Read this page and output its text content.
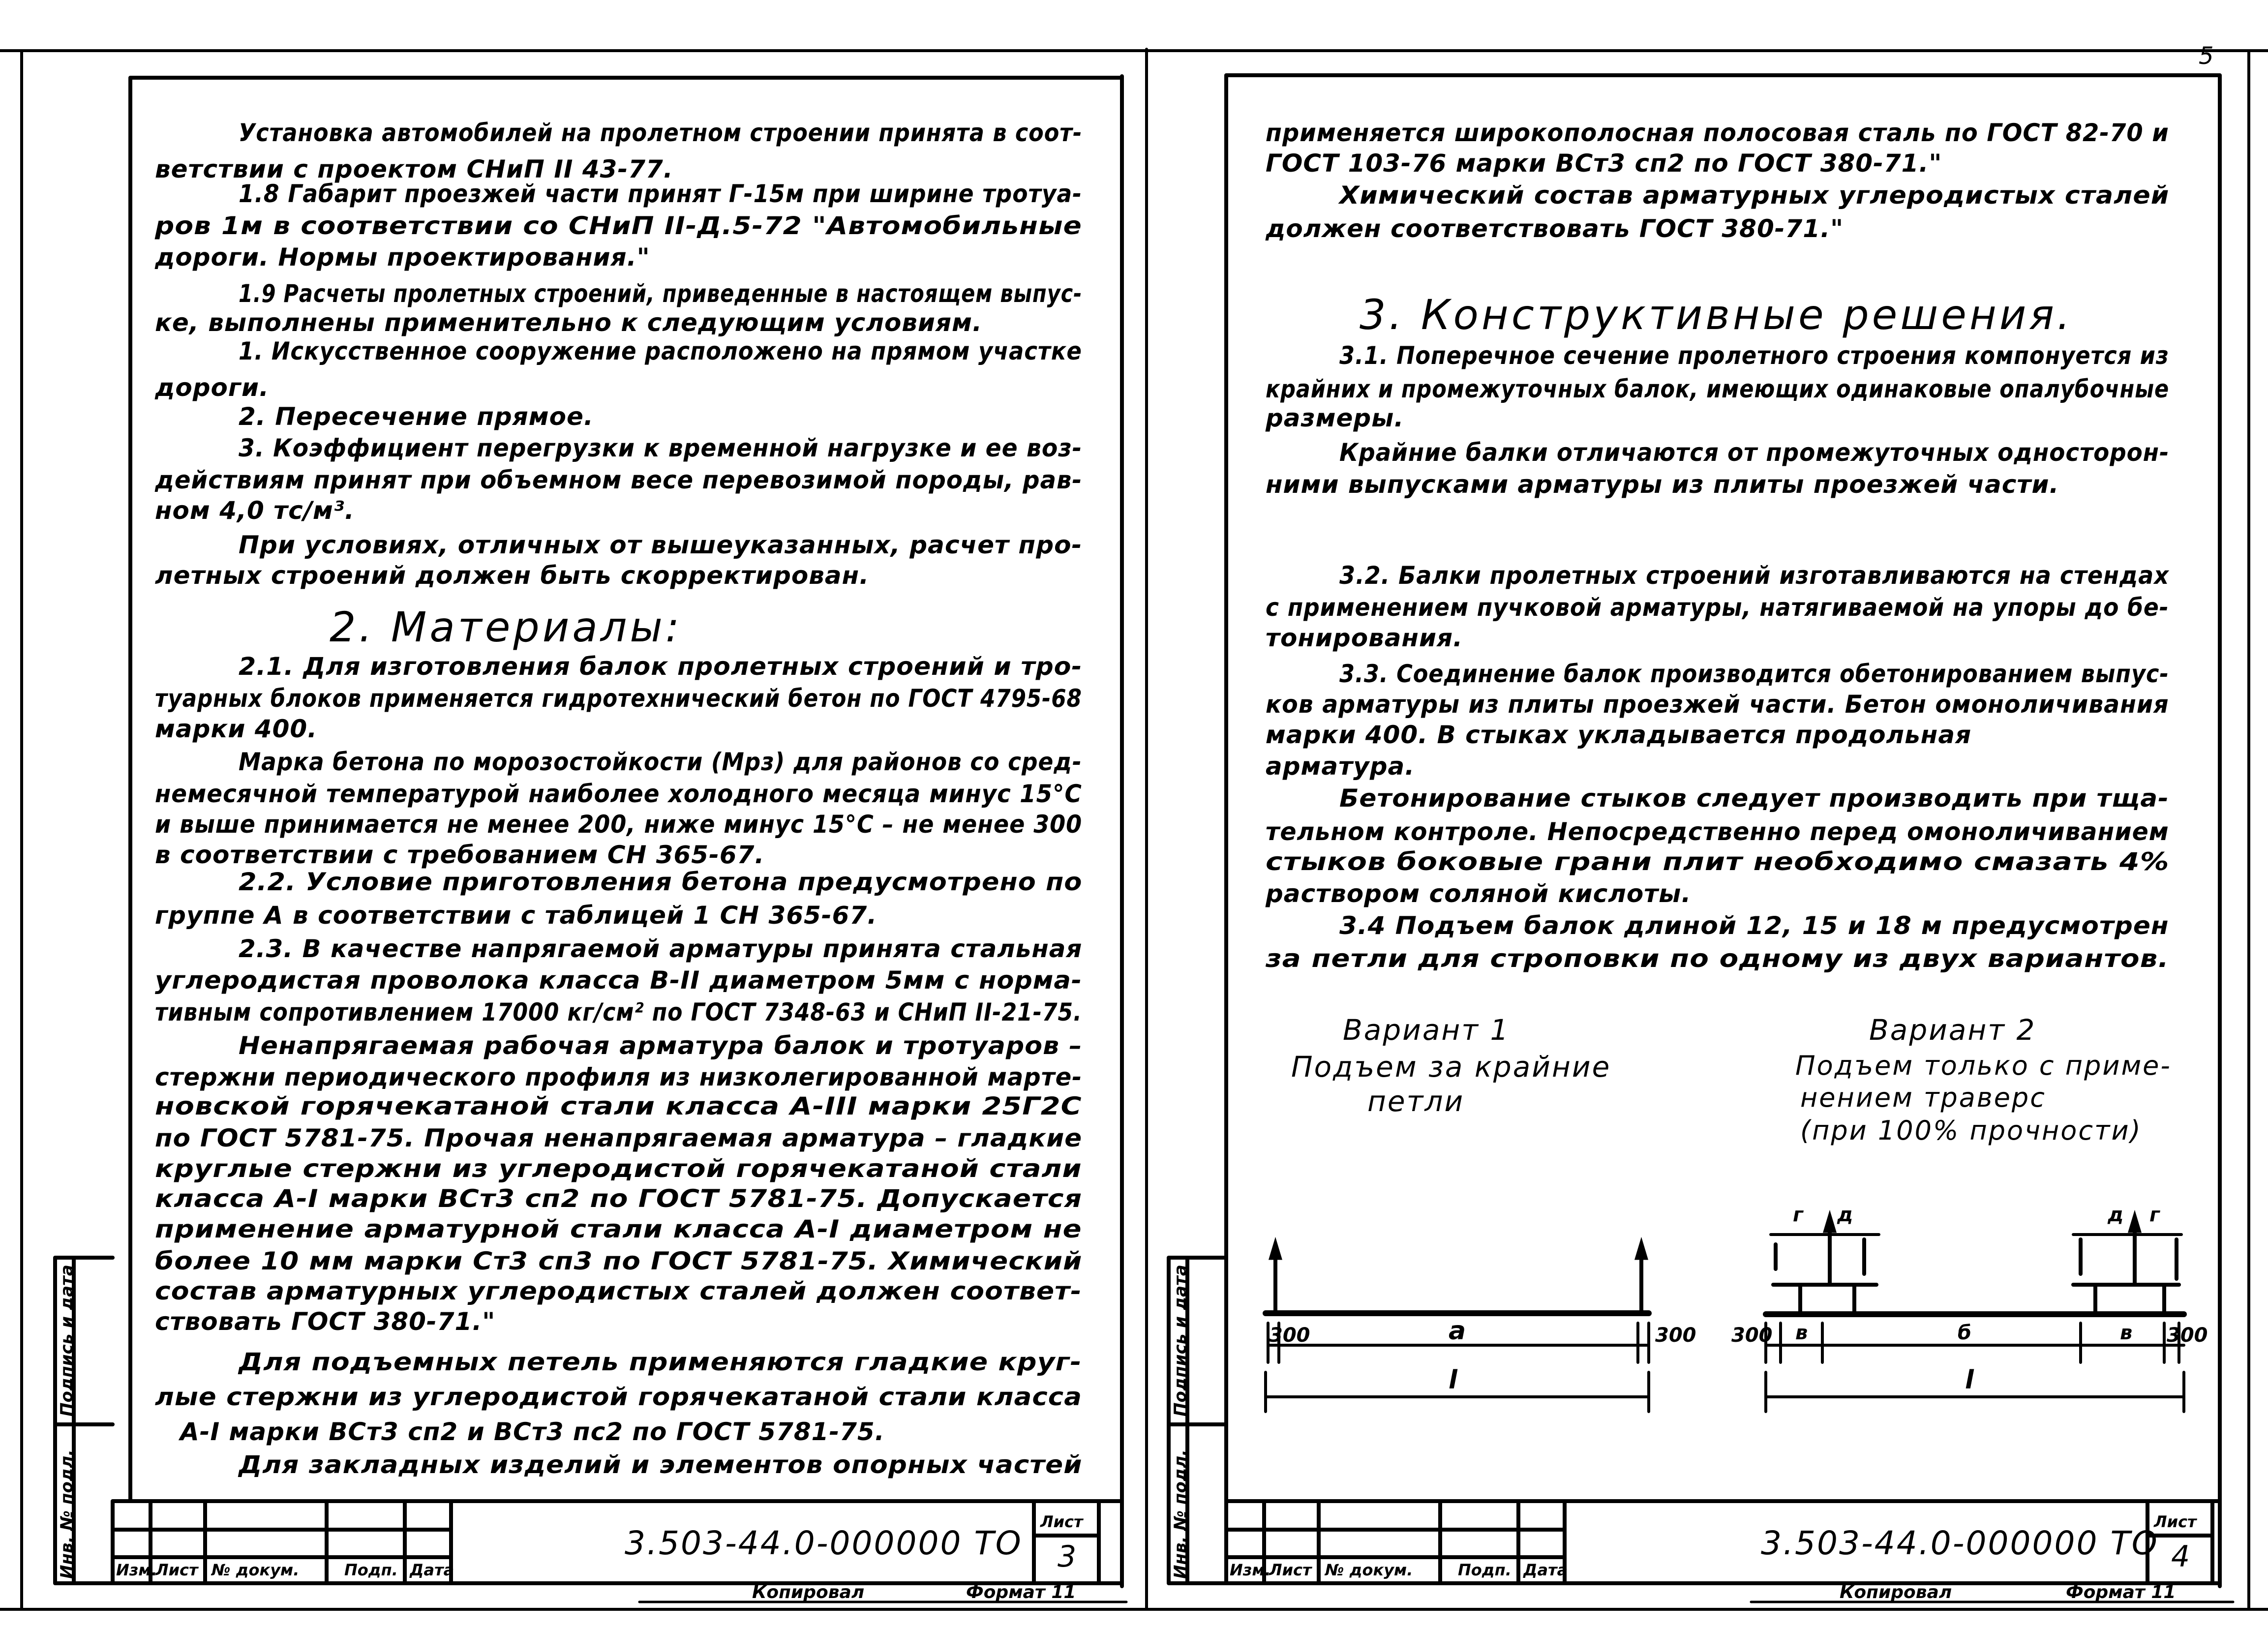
5
Установка автомобилей на пролетном строении принята в соот-
ветствии с проектом СНиП II 43-77.
1.8 Габарит проезжей части принят Г-15м при ширине тротуа-
ров 1м в соответствии со СНиП II-Д.5-72 "Автомобильные
дороги. Нормы проектирования."
1.9 Расчеты пролетных строений, приведенные в настоящем выпус-
ке, выполнены применительно к следующим условиям.
1. Искусственное сооружение расположено на прямом участке
дороги.
2. Пересечение прямое.
3. Коэффициент перегрузки к временной нагрузке и ее воз-
действиям принят при объемном весе перевозимой породы, рав-
ном 4,0 тс/м³.
При условиях, отличных от вышеуказанных, расчет про-
летных строений должен быть скорректирован.
2.1. Для изготовления балок пролетных строений и тро-
туарных блоков применяется гидротехнический бетон по ГОСТ 4795-68
марки 400.
Марка бетона по морозостойкости (Мрз) для районов со сред-
немесячной температурой наиболее холодного месяца минус 15°С
и выше принимается не менее 200, ниже минус 15°С – не менее 300
в соответствии с требованием СН 365-67.
2.2. Условие приготовления бетона предусмотрено по
группе А в соответствии с таблицей 1 СН 365-67.
2.3. В качестве напрягаемой арматуры принята стальная
углеродистая проволока класса В-II диаметром 5мм с норма-
тивным сопротивлением 17000 кг/см² по ГОСТ 7348-63 и СНиП II-21-75.
Ненапрягаемая рабочая арматура балок и тротуаров –
стержни периодического профиля из низколегированной марте-
новской горячекатаной стали класса А-III марки 25Г2С
по ГОСТ 5781-75. Прочая ненапрягаемая арматура – гладкие
круглые стержни из углеродистой горячекатаной стали
класса А-I марки ВСт3 сп2 по ГОСТ 5781-75. Допускается
применение арматурной стали класса А-I диаметром не
более 10 мм марки Ст3 сп3 по ГОСТ 5781-75. Химический
состав арматурных углеродистых сталей должен соответ-
ствовать ГОСТ 380-71."
Для подъемных петель применяются гладкие круг-
лые стержни из углеродистой горячекатаной стали класса
А-I марки ВСт3 сп2 и ВСт3 пс2 по ГОСТ 5781-75.
Для закладных изделий и элементов опорных частей
2. Материалы:
применяется широкополосная полосовая сталь по ГОСТ 82-70 и
ГОСТ 103-76 марки ВСт3 сп2 по ГОСТ 380-71."
Химический состав арматурных углеродистых сталей
должен соответствовать ГОСТ 380-71."
3.1. Поперечное сечение пролетного строения компонуется из
крайних и промежуточных балок, имеющих одинаковые опалубочные
размеры.
Крайние балки отличаются от промежуточных односторон-
ними выпусками арматуры из плиты проезжей части.
3.2. Балки пролетных строений изготавливаются на стендах
с применением пучковой арматуры, натягиваемой на упоры до бе-
тонирования.
3.3. Соединение балок производится обетонированием выпус-
ков арматуры из плиты проезжей части. Бетон омоноличивания
марки 400. В стыках укладывается продольная
арматура.
Бетонирование стыков следует производить при тща-
тельном контроле. Непосредственно перед омоноличиванием
стыков боковые грани плит необходимо смазать 4%
раствором соляной кислоты.
3.4 Подъем балок длиной 12, 15 и 18 м предусмотрен
за петли для строповки по одному из двух вариантов.
3. Конструктивные решения.
Вариант 1
Подъем за крайние
петли
300	a	300
l
Вариант 2
Подъем только с приме-
нением траверс
(при 100% прочности)
г д	д г
300 в	б	в 300
l
Изм.
Лист № докум.	Подп. Дата
3.503-44.0-000000 ТО
Лист
3
Подпись и дата
Инв. № подл.	Изм.
Лист № докум.	Подп. Дата
3.503-44.0-000000 ТО
Лист
4
Подпись и дата
Инв. № подл.
Копировал	Формат 11	Копировал	Формат 11
